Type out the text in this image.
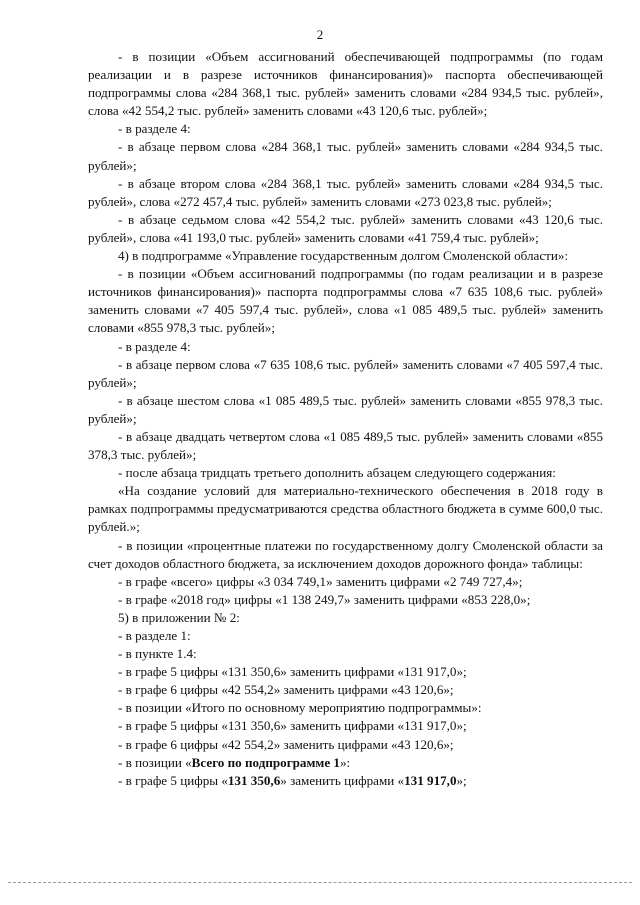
2

- в позиции «Объем ассигнований обеспечивающей подпрограммы (по годам реализации и в разрезе источников финансирования)» паспорта обеспечивающей подпрограммы слова «284 368,1 тыс. рублей» заменить словами «284 934,5 тыс. рублей», слова «42 554,2 тыс. рублей» заменить словами «43 120,6 тыс. рублей»;

- в разделе 4:

- в абзаце первом слова «284 368,1 тыс. рублей» заменить словами «284 934,5 тыс. рублей»;

- в абзаце втором слова «284 368,1 тыс. рублей» заменить словами «284 934,5 тыс. рублей», слова «272 457,4 тыс. рублей» заменить словами «273 023,8 тыс. рублей»;

- в абзаце седьмом слова «42 554,2 тыс. рублей» заменить словами «43 120,6 тыс. рублей», слова «41 193,0 тыс. рублей» заменить словами «41 759,4 тыс. рублей»;

4) в подпрограмме «Управление государственным долгом Смоленской области»:

- в позиции «Объем ассигнований подпрограммы (по годам реализации и в разрезе источников финансирования)» паспорта подпрограммы слова «7 635 108,6 тыс. рублей» заменить словами «7 405 597,4 тыс. рублей», слова «1 085 489,5 тыс. рублей» заменить словами «855 978,3 тыс. рублей»;

- в разделе 4:

- в абзаце первом слова «7 635 108,6 тыс. рублей» заменить словами «7 405 597,4 тыс. рублей»;

- в абзаце шестом слова «1 085 489,5 тыс. рублей» заменить словами «855 978,3 тыс. рублей»;

- в абзаце двадцать четвертом слова «1 085 489,5 тыс. рублей» заменить словами «855 378,3 тыс. рублей»;

- после абзаца тридцать третьего дополнить абзацем следующего содержания:

«На создание условий для материально-технического обеспечения в 2018 году в рамках подпрограммы предусматриваются средства областного бюджета в сумме 600,0 тыс. рублей.»;

- в позиции «процентные платежи по государственному долгу Смоленской области за счет доходов областного бюджета, за исключением доходов дорожного фонда» таблицы:

- в графе «всего» цифры «3 034 749,1» заменить цифрами «2 749 727,4»;

- в графе «2018 год» цифры «1 138 249,7» заменить цифрами «853 228,0»;

5) в приложении № 2:

- в разделе 1:

- в пункте 1.4:

- в графе 5 цифры «131 350,6» заменить цифрами «131 917,0»;

- в графе 6 цифры «42 554,2» заменить цифрами «43 120,6»;

- в позиции «Итого по основному мероприятию подпрограммы»:

- в графе 5 цифры «131 350,6» заменить цифрами «131 917,0»;

- в графе 6 цифры «42 554,2» заменить цифрами «43 120,6»;

- в позиции «Всего по подпрограмме 1»:

- в графе 5 цифры «131 350,6» заменить цифрами «131 917,0»;
